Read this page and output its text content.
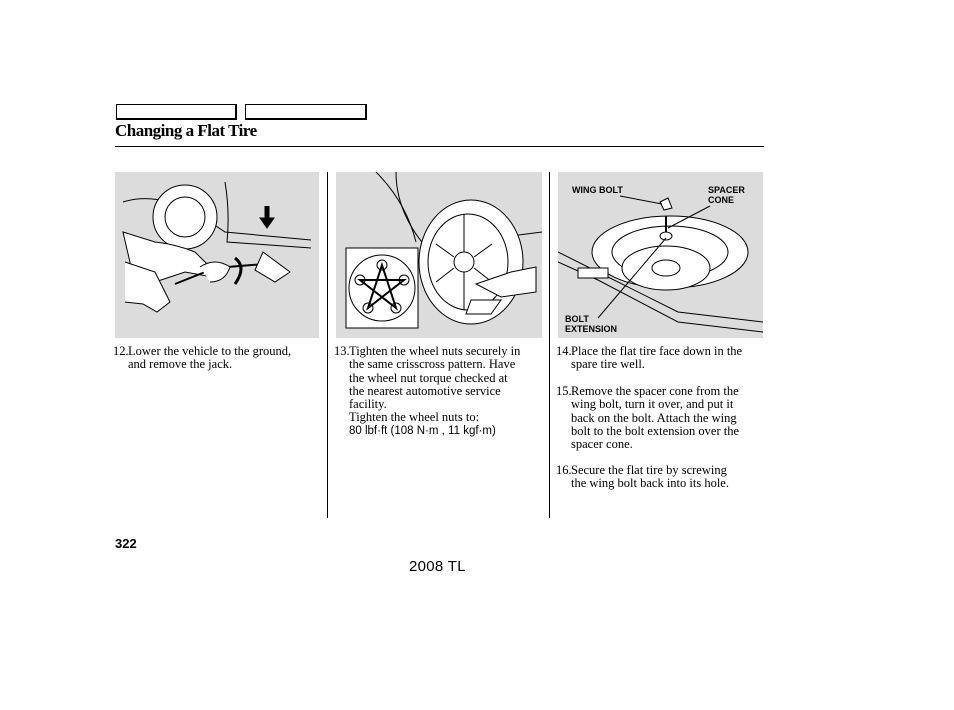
Changing a Flat Tire
WING BOLT	SPACER
CONE
BOLT
EXTENSION
12. Lower the vehicle to the ground,
and remove the jack.
13. Tighten the wheel nuts securely in
the same crisscross pattern. Have
the wheel nut torque checked at
the nearest automotive service
facility.
Tighten the wheel nuts to:
80 lbf·ft (108 N·m , 11 kgf·m)
14. Place the flat tire face down in the
spare tire well.
15. Remove the spacer cone from the
wing bolt, turn it over, and put it
back on the bolt. Attach the wing
bolt to the bolt extension over the
spacer cone.
16. Secure the flat tire by screwing
the wing bolt back into its hole.
322
2008 TL
